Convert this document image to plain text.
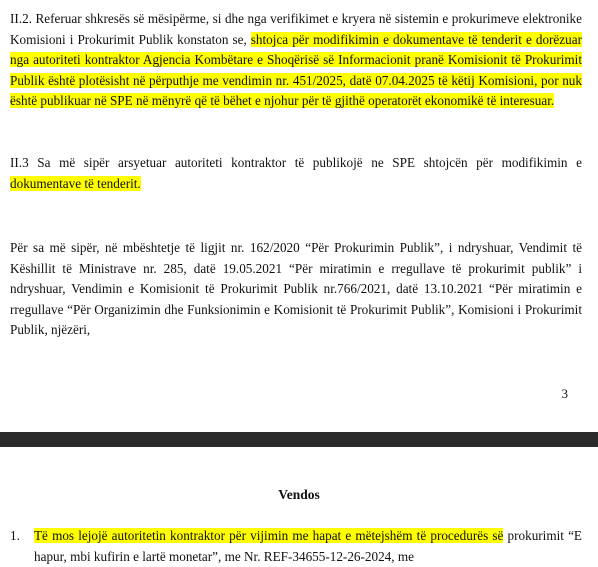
II.2. Referuar shkresës së mësipërme, si dhe nga verifikimet e kryera në sistemin e prokurimeve elektronike Komisioni i Prokurimit Publik konstaton se, shtojca për modifikimin e dokumentave të tenderit e dorëzuar nga autoriteti kontraktor Agjencia Kombëtare e Shoqërisë së Informacionit pranë Komisionit të Prokurimit Publik është plotësisht në përputhje me vendimin nr. 451/2025, datë 07.04.2025 të këtij Komisioni, por nuk është publikuar në SPE në mënyrë që të bëhet e njohur për të gjithë operatorët ekonomikë të interesuar.

II.3 Sa më sipër arsyetuar autoriteti kontraktor të publikojë ne SPE shtojcën për modifikimin e dokumentave të tenderit.

Për sa më sipër, në mbështetje të ligjit nr. 162/2020 “Për Prokurimin Publik”, i ndryshuar, Vendimit të Këshillit të Ministrave nr. 285, datë 19.05.2021 “Për miratimin e rregullave të prokurimit publik” i ndryshuar, Vendimin e Komisionit të Prokurimit Publik nr.766/2021, datë 13.10.2021 “Për miratimin e rregullave “Për Organizimin dhe Funksionimin e Komisionit të Prokurimit Publik”, Komisioni i Prokurimit Publik, njëzëri,

3
Vendos

1. Të mos lejojë autoritetin kontraktor për vijimin me hapat e mëtejshëm të procedurës së prokurimit “E hapur, mbi kufirin e lartë monetar”, me Nr. REF-34655-12-26-2024, me
